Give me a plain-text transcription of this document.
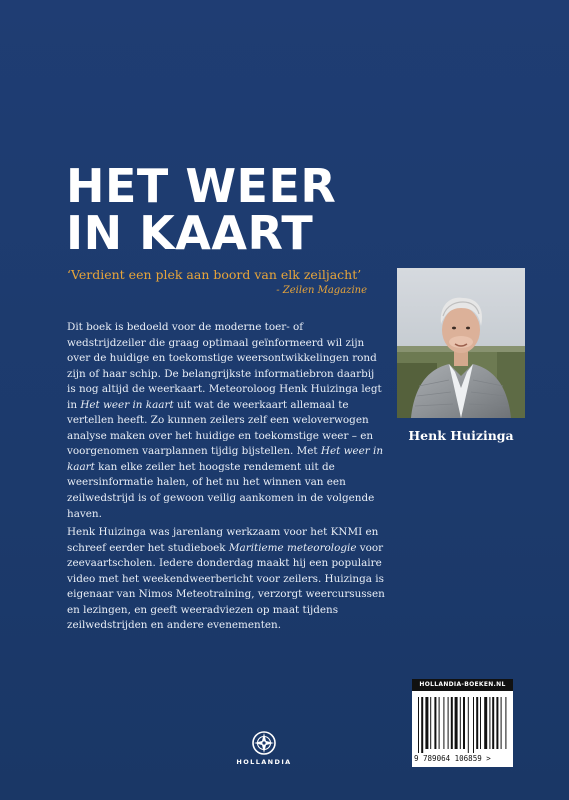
HET WEER
IN KAART

‘Verdient een plek aan boord van elk zeiljacht’

- Zeilen Magazine

Dit boek is bedoeld voor de moderne toer- of wedstrijdzeiler die graag optimaal geïnformeerd wil zijn over de huidige en toekomstige weersontwikkelingen rond zijn of haar schip. De belangrijkste informatiebron daarbij is nog altijd de weerkaart. Meteoroloog Henk Huizinga legt in Het weer in kaart uit wat de weerkaart allemaal te vertellen heeft. Zo kunnen zeilers zelf een weloverwogen analyse maken over het huidige en toekomstige weer – en voorgenomen vaarplannen tijdig bijstellen. Met Het weer in kaart kan elke zeiler het hoogste rendement uit de weersinformatie halen, of het nu het winnen van een zeilwedstrijd is of gewoon veilig aankomen in de volgende haven.

Henk Huizinga was jarenlang werkzaam voor het KNMI en schreef eerder het studieboek Maritieme meteorologie voor zeevaartscholen. Iedere donderdag maakt hij een populaire video met het weekendweerbericht voor zeilers. Huizinga is eigenaar van Nimos Meteotraining, verzorgt weercursussen en lezingen, en geeft weeradviezen op maat tijdens zeilwedstrijden en andere evenementen.

Henk Huizinga
HOLLANDIA
HOLLANDIA-BOEKEN.NL
9 789064 106859 >
